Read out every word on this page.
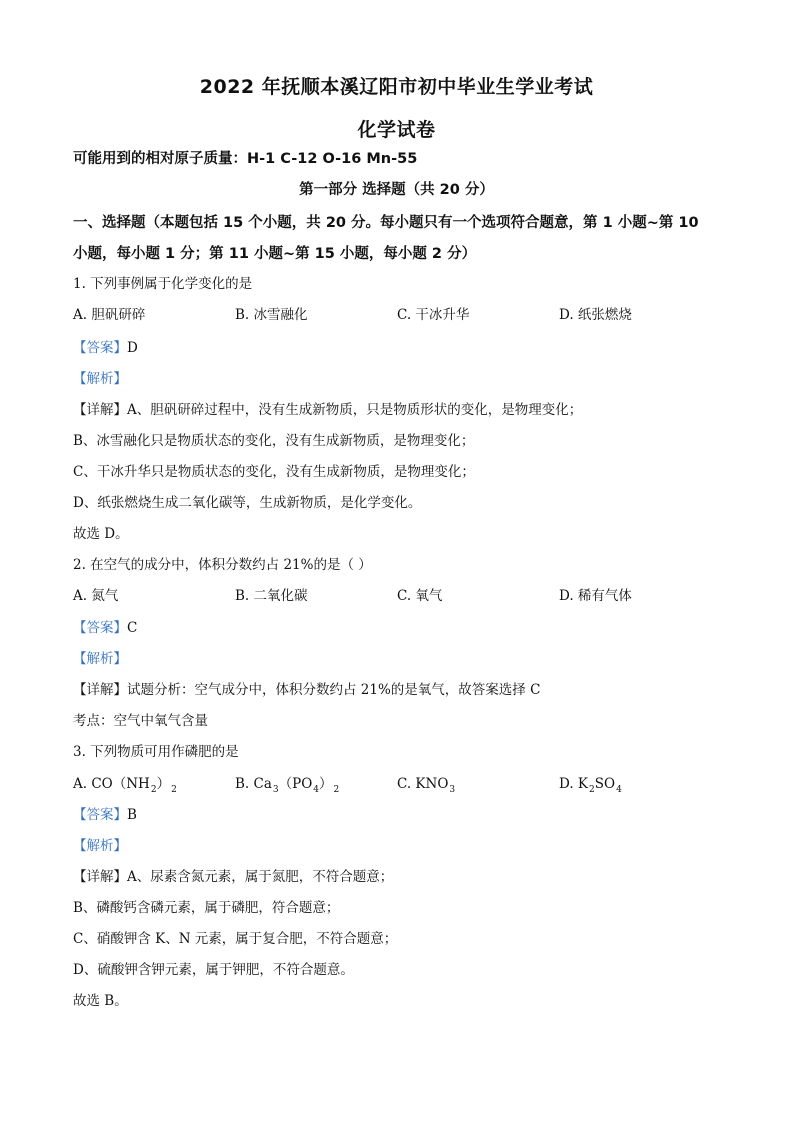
2022 年抚顺本溪辽阳市初中毕业生学业考试
化学试卷
可能用到的相对原子质量：H-1 C-12 O-16 Mn-55
第一部分 选择题（共 20 分）
一、选择题（本题包括 15 个小题，共 20 分。每小题只有一个选项符合题意，第 1 小题~第 10
小题，每小题 1 分；第 11 小题~第 15 小题，每小题 2 分）
1. 下列事例属于化学变化的是
A. 胆矾研碎	B. 冰雪融化	C. 干冰升华	D. 纸张燃烧
【答案】D
【解析】
【详解】A、胆矾研碎过程中，没有生成新物质，只是物质形状的变化，是物理变化；
B、冰雪融化只是物质状态的变化，没有生成新物质，是物理变化；
C、干冰升华只是物质状态的变化，没有生成新物质，是物理变化；
D、纸张燃烧生成二氧化碳等，生成新物质，是化学变化。
故选 D。
2. 在空气的成分中，体积分数约占 21%的是（ ）
A. 氮气	B. 二氧化碳	C. 氧气	D. 稀有气体
【答案】C
【解析】
【详解】试题分析：空气成分中，体积分数约占 21%的是氧气，故答案选择 C
考点：空气中氧气含量
3. 下列物质可用作磷肥的是
A. $CO(NH_2)_2$	B. $Ca_3(PO_4)_2$	C. $KNO_3$	D. $K_2SO_4$
【答案】B
【解析】
【详解】A、尿素含氮元素，属于氮肥，不符合题意；
B、磷酸钙含磷元素，属于磷肥，符合题意；
C、硝酸钾含 K、N 元素，属于复合肥，不符合题意；
D、硫酸钾含钾元素，属于钾肥，不符合题意。
故选 B。
